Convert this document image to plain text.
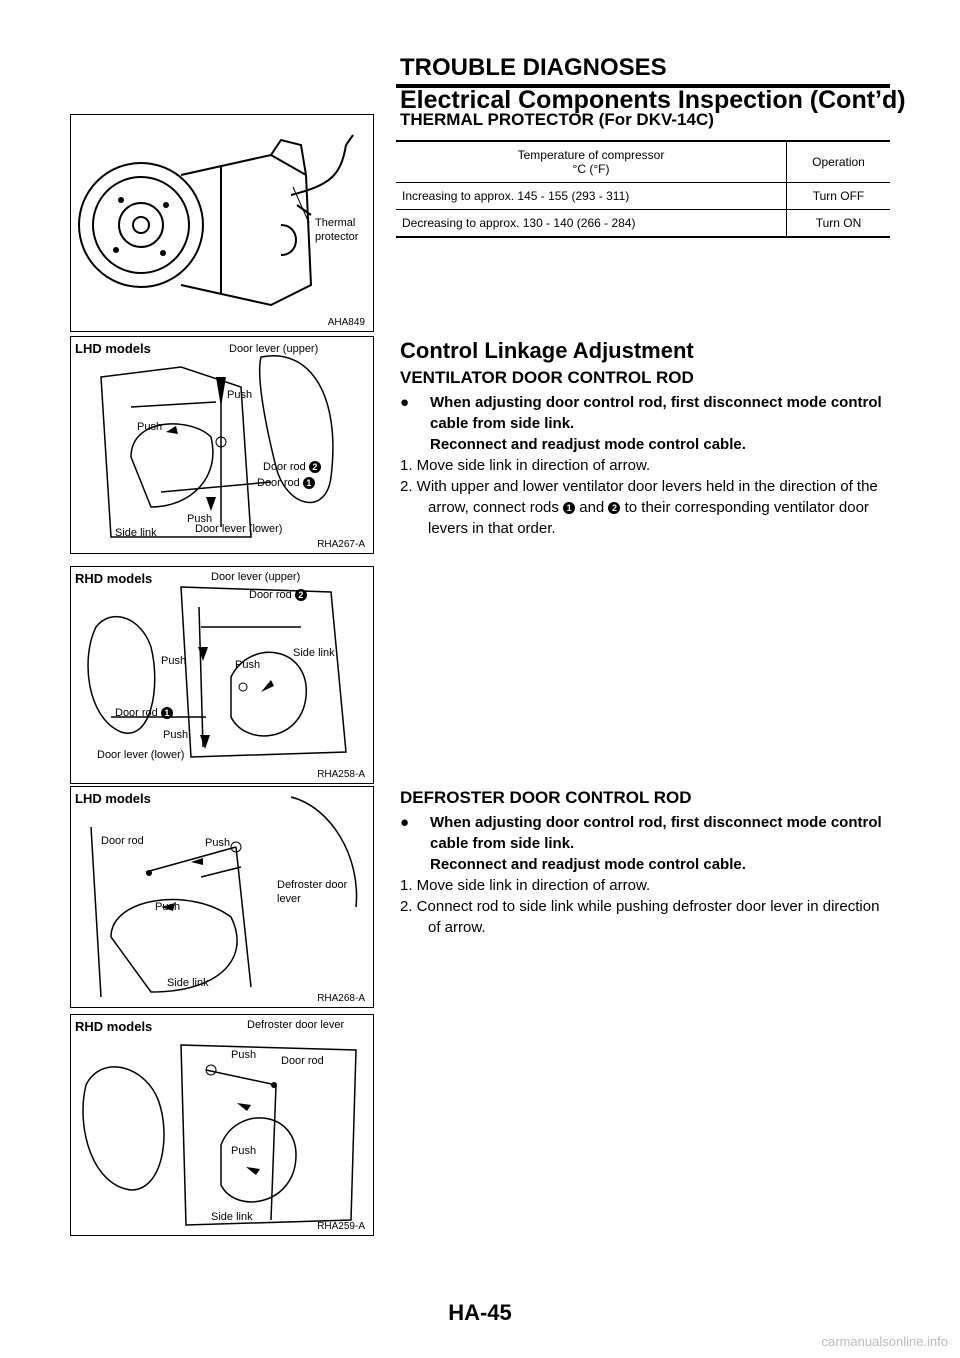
TROUBLE DIAGNOSES
Electrical Components Inspection (Cont’d)
Thermal
protector
AHA849
THERMAL PROTECTOR (For DKV-14C)
Temperature of compressor
°C (°F)	Operation
Increasing to approx. 145 - 155 (293 - 311)	Turn OFF
Decreasing to approx. 130 - 140 (266 - 284)	Turn ON
LHD models	Door lever (upper)
Push
Push
Door rod 2
Door rod 1
Push
Door lever (lower)
Side link
RHA267-A
RHD models	Door lever (upper)
Door rod 2
Side link
Push	Push
Door rod 1
Push
Door lever (lower)
RHA258-A
Control Linkage Adjustment
VENTILATOR DOOR CONTROL ROD

● When adjusting door control rod, first disconnect mode control cable from side link.
Reconnect and readjust mode control cable.

1. Move side link in direction of arrow.

2. With upper and lower ventilator door levers held in the direction of the arrow, connect rods 1 and 2 to their corresponding ventilator door levers in that order.

LHD models
Door rod	Push
Defroster door
lever
Push
Side link
RHA268-A
RHD models	Defroster door lever
Push Door rod
Push
Side link
RHA259-A
DEFROSTER DOOR CONTROL ROD

● When adjusting door control rod, first disconnect mode control cable from side link.
Reconnect and readjust mode control cable.

1. Move side link in direction of arrow.

2. Connect rod to side link while pushing defroster door lever in direction of arrow.

HA-45
carmanualsonline.info
